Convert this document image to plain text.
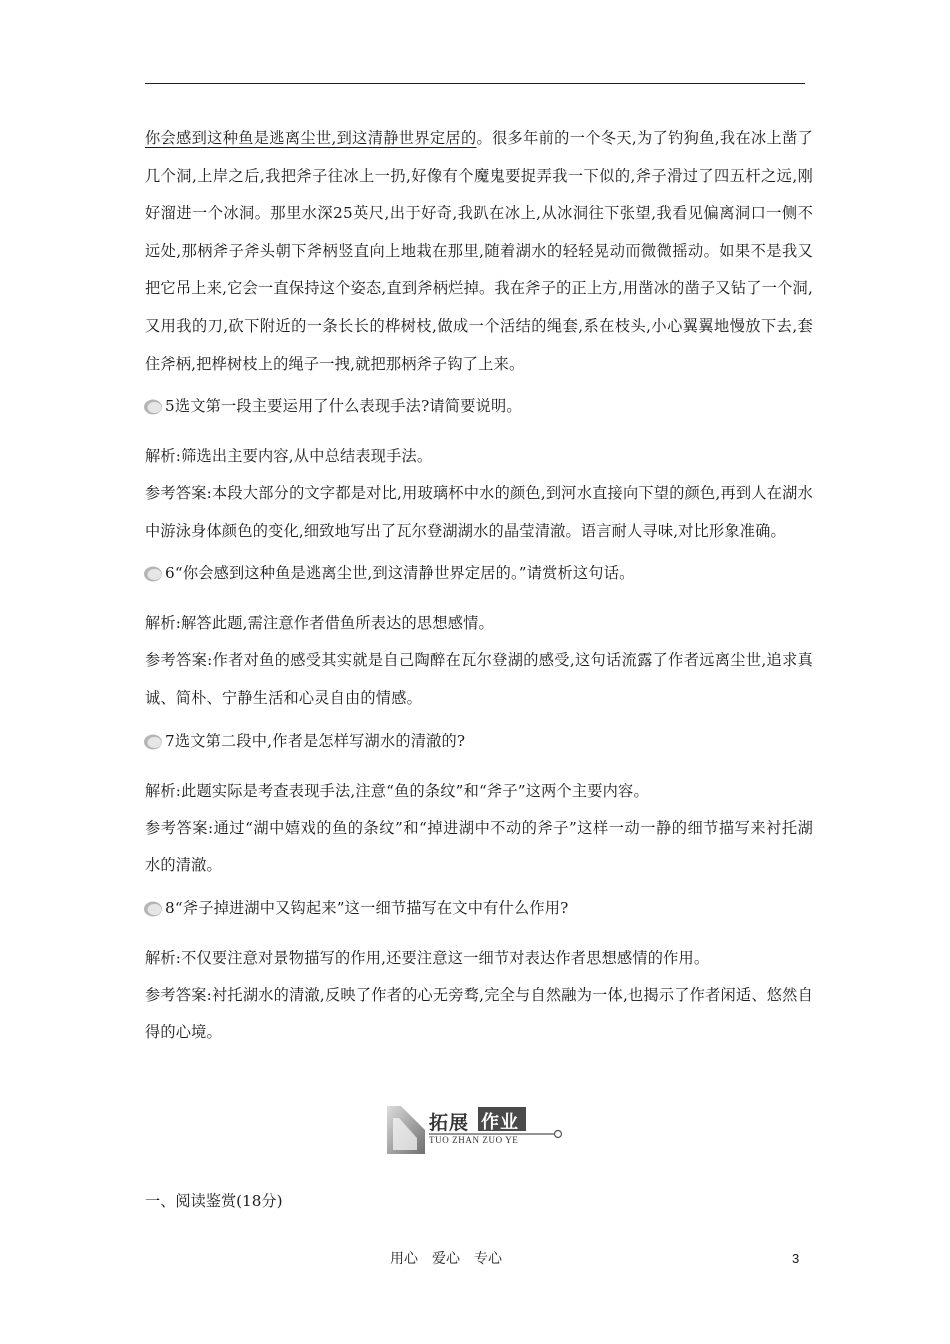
你会感到这种鱼是逃离尘世,到这清静世界定居的。很多年前的一个冬天,为了钓狗鱼,我在冰上凿了几个洞,上岸之后,我把斧子往冰上一扔,好像有个魔鬼要捉弄我一下似的,斧子滑过了四五杆之远,刚好溜进一个冰洞。那里水深25英尺,出于好奇,我趴在冰上,从冰洞往下张望,我看见偏离洞口一侧不远处,那柄斧子斧头朝下斧柄竖直向上地栽在那里,随着湖水的轻轻晃动而微微摇动。如果不是我又把它吊上来,它会一直保持这个姿态,直到斧柄烂掉。我在斧子的正上方,用凿冰的凿子又钻了一个洞,又用我的刀,砍下附近的一条长长的桦树枝,做成一个活结的绳套,系在枝头,小心翼翼地慢放下去,套住斧柄,把桦树枝上的绳子一拽,就把那柄斧子钩了上来。

5选文第一段主要运用了什么表现手法?请简要说明。

解析:筛选出主要内容,从中总结表现手法。

参考答案:本段大部分的文字都是对比,用玻璃杯中水的颜色,到河水直接向下望的颜色,再到人在湖水中游泳身体颜色的变化,细致地写出了瓦尔登湖湖水的晶莹清澈。语言耐人寻味,对比形象准确。

6“你会感到这种鱼是逃离尘世,到这清静世界定居的。”请赏析这句话。

解析:解答此题,需注意作者借鱼所表达的思想感情。

参考答案:作者对鱼的感受其实就是自己陶醉在瓦尔登湖的感受,这句话流露了作者远离尘世,追求真诚、简朴、宁静生活和心灵自由的情感。

7选文第二段中,作者是怎样写湖水的清澈的?

解析:此题实际是考查表现手法,注意“鱼的条纹”和“斧子”这两个主要内容。

参考答案:通过“湖中嬉戏的鱼的条纹”和“掉进湖中不动的斧子”这样一动一静的细节描写来衬托湖水的清澈。

8“斧子掉进湖中又钩起来”这一细节描写在文中有什么作用?

解析:不仅要注意对景物描写的作用,还要注意这一细节对表达作者思想感情的作用。

参考答案:衬托湖水的清澈,反映了作者的心无旁骛,完全与自然融为一体,也揭示了作者闲适、悠然自得的心境。

拓展 作业
TUO ZHAN ZUO YE
一、阅读鉴赏(18分)
用心　爱心　专心	3
